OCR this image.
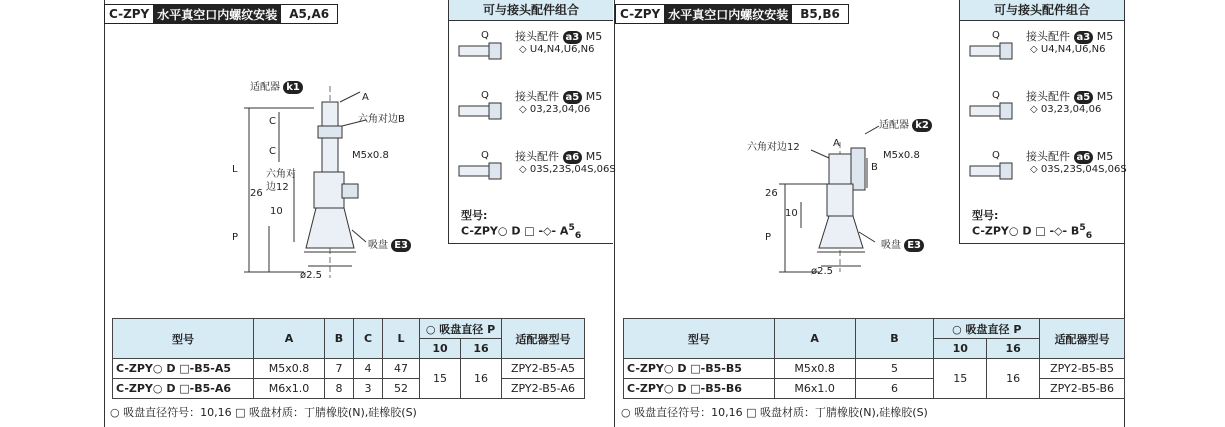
C-ZPY 水平真空口内螺纹安装	A5,A6
适配器 k1
A
六角对边B
C
C
L
M5x0.8
六角对
边12
26
10
P
吸盘 E3
ø2.5
可与接头配件组合
Q 接头配件 a3 M5
◇ U4,N4,U6,N6
Q 接头配件 a5 M5
◇ 03,23,04,06
Q 接头配件 a6 M5
◇ 03S,23S,04S,06S
型号:
C-ZPY○ D □ -◇- $A^5_6$
型号	A	B	C	L	○ 吸盘直径 P		适配器型号
					10	16	
C-ZPY○ D □-B5-A5	M5x0.8	7	4	47	15	16	ZPY2-B5-A5
C-ZPY○ D □-B5-A6	M6x1.0	8	3	52			ZPY2-B5-A6
○ 吸盘直径符号：10,16 □ 吸盘材质：丁腈橡胶(N),硅橡胶(S)
C-ZPY 水平真空口内螺纹安装	B5,B6
适配器 k2
六角对边12	A
B
M5x0.8
26
10
P
吸盘 E3
ø2.5
可与接头配件组合
Q 接头配件 a3 M5
◇ U4,N4,U6,N6
Q 接头配件 a5 M5
◇ 03,23,04,06
Q 接头配件 a6 M5
◇ 03S,23S,04S,06S
型号:
C-ZPY○ D □ -◇- $B^5_6$
型号	A	B	○ 吸盘直径 P		适配器型号
			10	16	
C-ZPY○ D □-B5-B5	M5x0.8	5	15	16	ZPY2-B5-B5
C-ZPY○ D □-B5-B6	M6x1.0	6			ZPY2-B5-B6
○ 吸盘直径符号：10,16 □ 吸盘材质：丁腈橡胶(N),硅橡胶(S)
